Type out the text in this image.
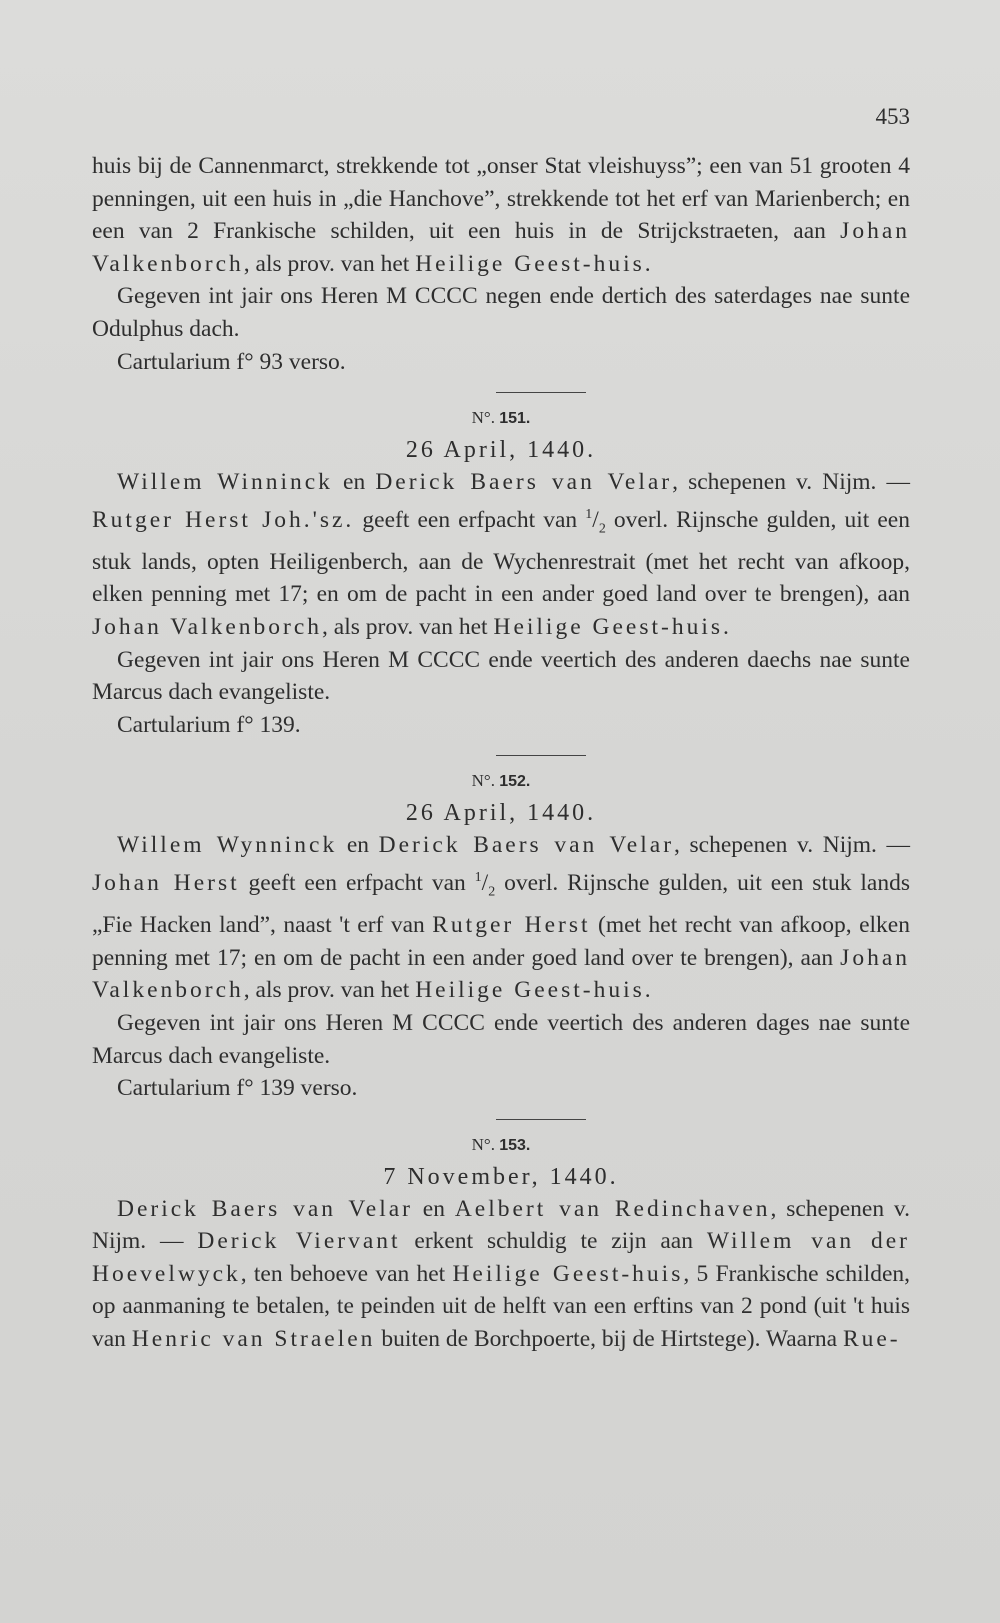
453

huis bij de Cannenmarct, strekkende tot „onser Stat vleishuyss”; een van 51 grooten 4 penningen, uit een huis in „die Hanchove”, strekkende tot het erf van Marienberch; en een van 2 Frankische schilden, uit een huis in de Strijckstraeten, aan Johan Valkenborch, als prov. van het Heilige Geest-huis.

Gegeven int jair ons Heren M CCCC negen ende dertich des saterdages nae sunte Odulphus dach.

Cartularium f° 93 verso.

N°. 151.

26 April, 1440.

Willem Winninck en Derick Baers van Velar, schepenen v. Nijm. — Rutger Herst Joh.'sz. geeft een erfpacht van $^1/_2$ overl. Rijnsche gulden, uit een stuk lands, opten Heiligenberch, aan de Wychenrestrait (met het recht van afkoop, elken penning met 17; en om de pacht in een ander goed land over te brengen), aan Johan Valkenborch, als prov. van het Heilige Geest-huis.

Gegeven int jair ons Heren M CCCC ende veertich des anderen daechs nae sunte Marcus dach evangeliste.

Cartularium f° 139.

N°. 152.

26 April, 1440.

Willem Wynninck en Derick Baers van Velar, schepenen v. Nijm. — Johan Herst geeft een erfpacht van $^1/_2$ overl. Rijnsche gulden, uit een stuk lands „Fie Hacken land”, naast 't erf van Rutger Herst (met het recht van afkoop, elken penning met 17; en om de pacht in een ander goed land over te brengen), aan Johan Valkenborch, als prov. van het Heilige Geest-huis.

Gegeven int jair ons Heren M CCCC ende veertich des anderen dages nae sunte Marcus dach evangeliste.

Cartularium f° 139 verso.

N°. 153.

7 November, 1440.

Derick Baers van Velar en Aelbert van Redinchaven, schepenen v. Nijm. — Derick Viervant erkent schuldig te zijn aan Willem van der Hoevelwyck, ten behoeve van het Heilige Geest-huis, 5 Frankische schilden, op aanmaning te betalen, te peinden uit de helft van een erftins van 2 pond (uit 't huis van Henric van Straelen buiten de Borchpoerte, bij de Hirtstege). Waarna Rue-
